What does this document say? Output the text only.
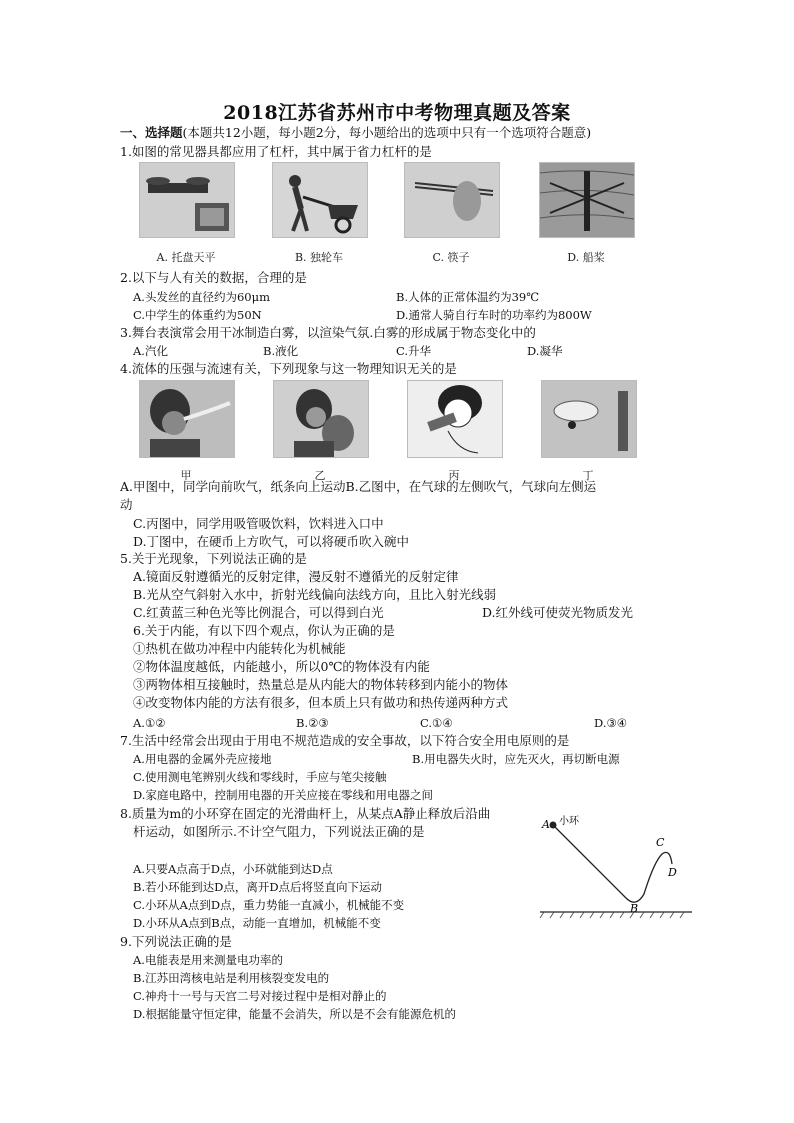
2018江苏省苏州市中考物理真题及答案
一、选择题(本题共12小题，每小题2分，每小题给出的选项中只有一个选项符合题意)
1.如图的常见器具都应用了杠杆，其中属于省力杠杆的是
A. 托盘天平	B. 独轮车	C. 筷子	D. 船桨
2.以下与人有关的数据，合理的是
A.头发丝的直径约为60μm	B.人体的正常体温约为39℃
C.中学生的体重约为50N	D.通常人骑自行车时的功率约为800W
3.舞台表演常会用干冰制造白雾，以渲染气氛.白雾的形成属于物态变化中的
A.汽化	B.液化	C.升华	D.凝华
4.流体的压强与流速有关，下列现象与这一物理知识无关的是
甲	乙	丙	丁
A.甲图中，同学向前吹气，纸条向上运动B.乙图中，在气球的左侧吹气，气球向左侧运
动
C.丙图中，同学用吸管吸饮料，饮料进入口中
D.丁图中，在硬币上方吹气，可以将硬币吹入碗中
5.关于光现象，下列说法正确的是
A.镜面反射遵循光的反射定律，漫反射不遵循光的反射定律
B.光从空气斜射入水中，折射光线偏向法线方向，且比入射光线弱
C.红黄蓝三种色光等比例混合，可以得到白光	D.红外线可使荧光物质发光
6.关于内能，有以下四个观点，你认为正确的是
①热机在做功冲程中内能转化为机械能
②物体温度越低，内能越小，所以0℃的物体没有内能
③两物体相互接触时，热量总是从内能大的物体转移到内能小的物体
④改变物体内能的方法有很多，但本质上只有做功和热传递两种方式
A.①②	B.②③	C.①④	D.③④
7.生活中经常会出现由于用电不规范造成的安全事故，以下符合安全用电原则的是
A.用电器的金属外壳应接地	B.用电器失火时，应先灭火，再切断电源
C.使用测电笔辨别火线和零线时，手应与笔尖接触
D.家庭电路中，控制用电器的开关应接在零线和用电器之间
8.质量为m的小环穿在固定的光滑曲杆上，从某点A静止释放后沿曲
杆运动，如图所示.不计空气阻力，下列说法正确的是	A 小环
B
C
D
A.只要A点高于D点，小环就能到达D点
B.若小环能到达D点，离开D点后将竖直向下运动
C.小环从A点到D点，重力势能一直减小，机械能不变
D.小环从A点到B点，动能一直增加，机械能不变
9.下列说法正确的是
A.电能表是用来测量电功率的
B.江苏田湾核电站是利用核裂变发电的
C.神舟十一号与天宫二号对接过程中是相对静止的
D.根据能量守恒定律，能量不会消失，所以是不会有能源危机的
